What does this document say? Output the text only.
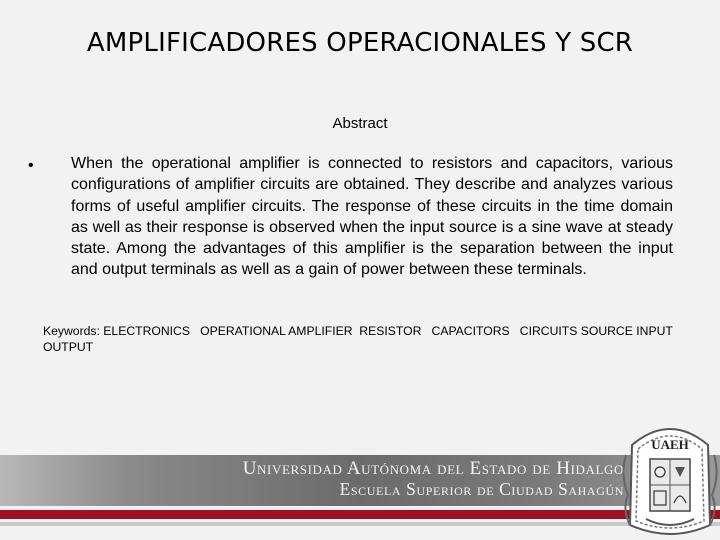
AMPLIFICADORES OPERACIONALES Y SCR
Abstract
• When the operational amplifier is connected to resistors and capacitors, various configurations of amplifier circuits are obtained. They describe and analyzes various forms of useful amplifier circuits. The response of these circuits in the time domain as well as their response is observed when the input source is a sine wave at steady state. Among the advantages of this amplifier is the separation between the input and output terminals as well as a gain of power between these terminals.
Keywords: ELECTRONICS   OPERATIONAL AMPLIFIER  RESISTOR   CAPACITORS   CIRCUITS SOURCE INPUT   OUTPUT
Universidad Autónoma del Estado de Hidalgo
Escuela Superior de Ciudad Sahagún
UAEH
